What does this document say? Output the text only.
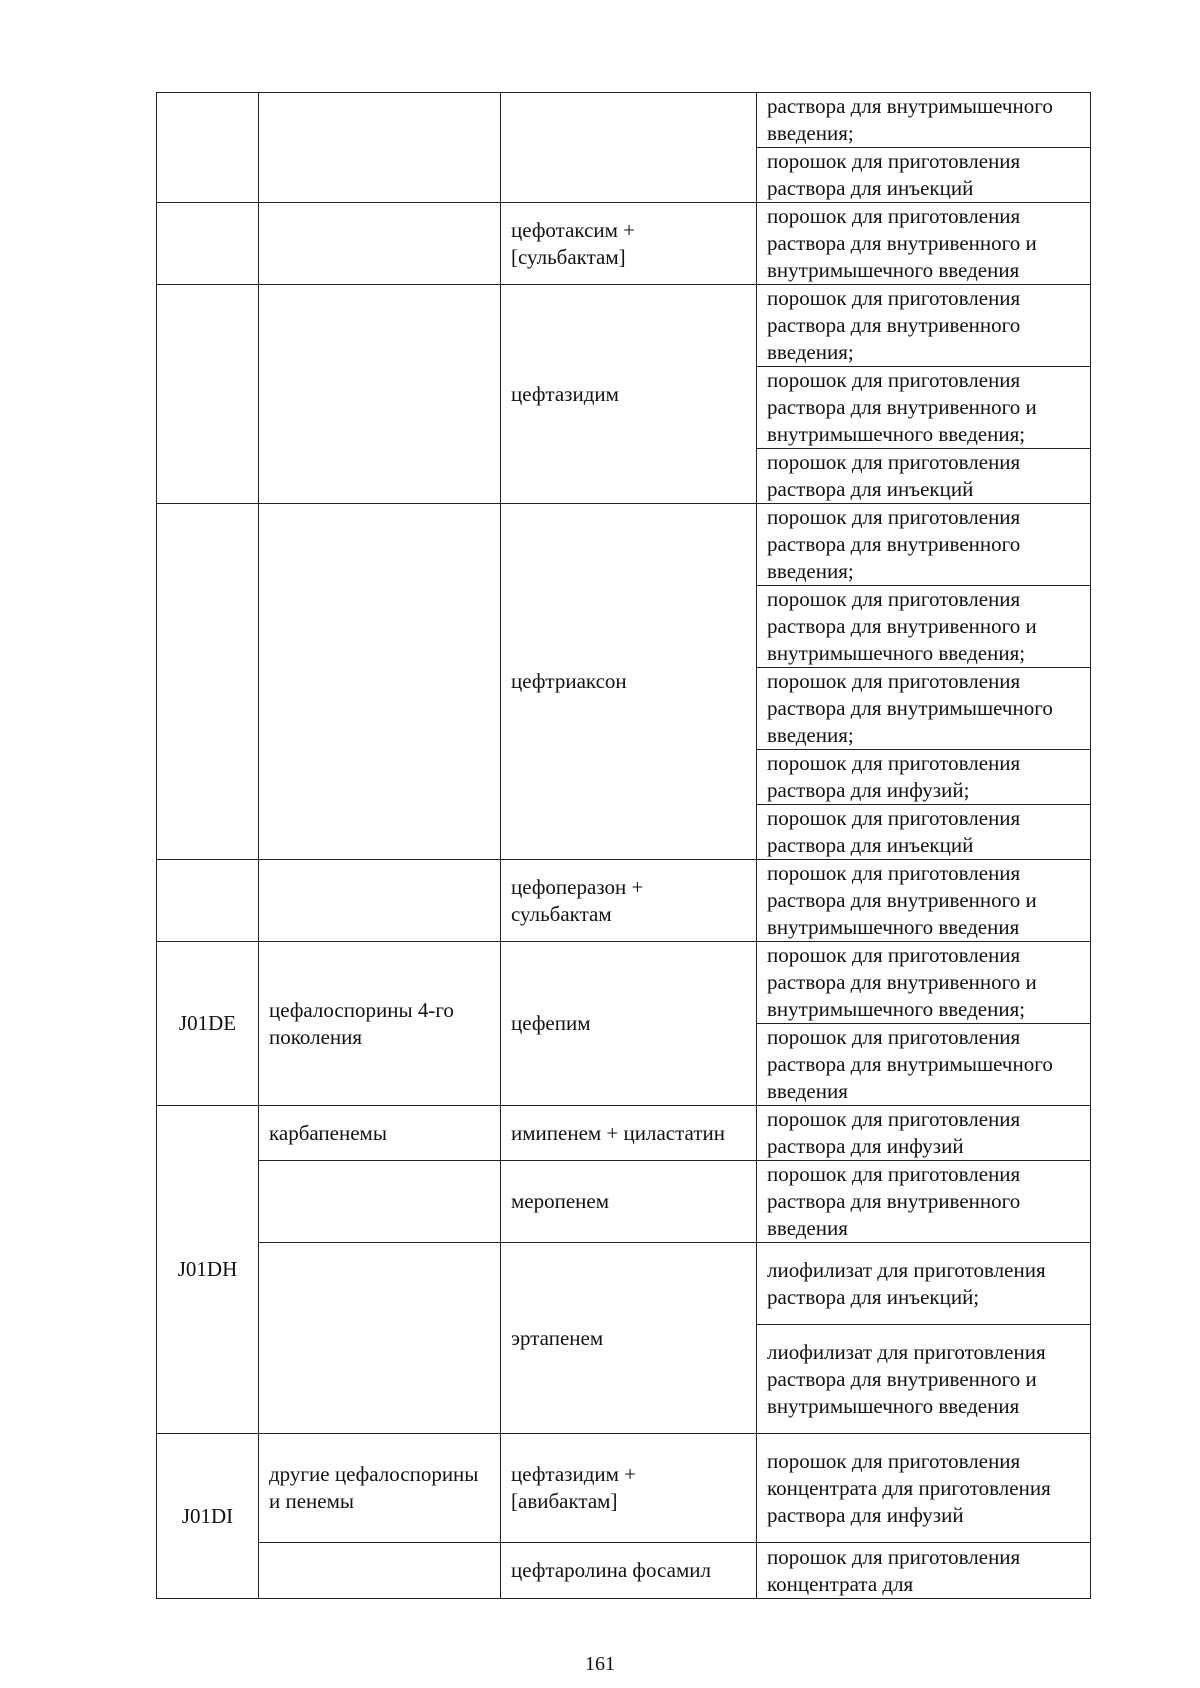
			раствора для внутримышечного введения;
			порошок для приготовления раствора для инъекций
		цефотаксим + [сульбактам]	порошок для приготовления раствора для внутривенного и внутримышечного введения
		цефтазидим	порошок для приготовления раствора для внутривенного введения;
			порошок для приготовления раствора для внутривенного и внутримышечного введения;
			порошок для приготовления раствора для инъекций
		цефтриаксон	порошок для приготовления раствора для внутривенного введения;
			порошок для приготовления раствора для внутривенного и внутримышечного введения;
			порошок для приготовления раствора для внутримышечного введения;
			порошок для приготовления раствора для инфузий;
			порошок для приготовления раствора для инъекций
		цефоперазон + сульбактам	порошок для приготовления раствора для внутривенного и внутримышечного введения
J01DE	цефалоспорины 4-го поколения	цефепим	порошок для приготовления раствора для внутривенного и внутримышечного введения;
			порошок для приготовления раствора для внутримышечного введения
J01DH	карбапенемы	имипенем + циластатин	порошок для приготовления раствора для инфузий
		меропенем	порошок для приготовления раствора для внутривенного введения
		эртапенем	лиофилизат для приготовления раствора для инъекций;
			лиофилизат для приготовления раствора для внутривенного и внутримышечного введения
J01DI	другие цефалоспорины и пенемы	цефтазидим + [авибактам]	порошок для приготовления концентрата для приготовления раствора для инфузий
		цефтаролина фосамил	порошок для приготовления концентрата для
161
